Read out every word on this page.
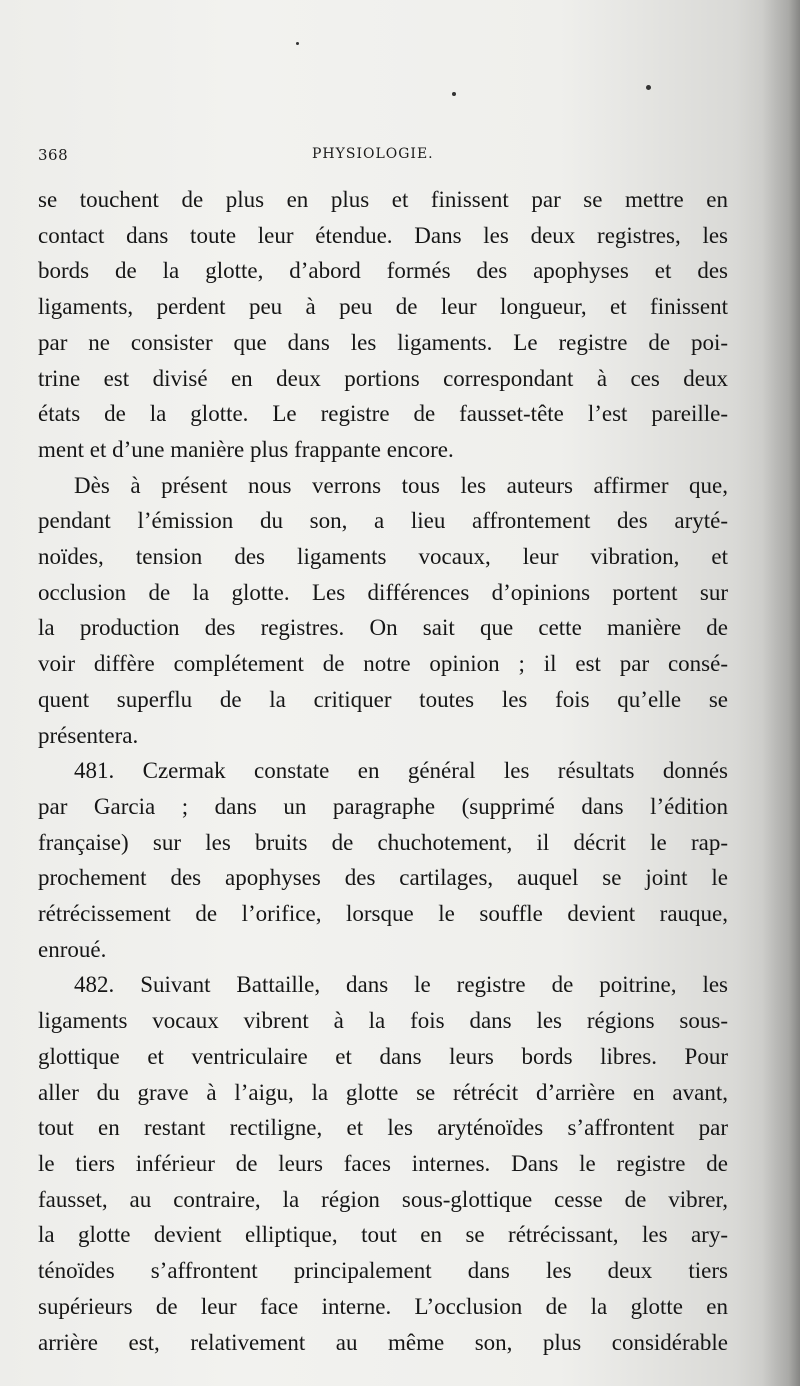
368	PHYSIOLOGIE.
se touchent de plus en plus et finissent par se mettre en
contact dans toute leur étendue. Dans les deux registres, les
bords de la glotte, d’abord formés des apophyses et des
ligaments, perdent peu à peu de leur longueur, et finissent
par ne consister que dans les ligaments. Le registre de poi-
trine est divisé en deux portions correspondant à ces deux
états de la glotte. Le registre de fausset-tête l’est pareille-
ment et d’une manière plus frappante encore.
Dès à présent nous verrons tous les auteurs affirmer que,
pendant l’émission du son, a lieu affrontement des aryté-
noïdes, tension des ligaments vocaux, leur vibration, et
occlusion de la glotte. Les différences d’opinions portent sur
la production des registres. On sait que cette manière de
voir diffère complétement de notre opinion ; il est par consé-
quent superflu de la critiquer toutes les fois qu’elle se
présentera.
481. Czermak constate en général les résultats donnés
par Garcia ; dans un paragraphe (supprimé dans l’édition
française) sur les bruits de chuchotement, il décrit le rap-
prochement des apophyses des cartilages, auquel se joint le
rétrécissement de l’orifice, lorsque le souffle devient rauque,
enroué.
482. Suivant Battaille, dans le registre de poitrine, les
ligaments vocaux vibrent à la fois dans les régions sous-
glottique et ventriculaire et dans leurs bords libres. Pour
aller du grave à l’aigu, la glotte se rétrécit d’arrière en avant,
tout en restant rectiligne, et les aryténoïdes s’affrontent par
le tiers inférieur de leurs faces internes. Dans le registre de
fausset, au contraire, la région sous-glottique cesse de vibrer,
la glotte devient elliptique, tout en se rétrécissant, les ary-
ténoïdes s’affrontent principalement dans les deux tiers
supérieurs de leur face interne. L’occlusion de la glotte en
arrière est, relativement au même son, plus considérable
